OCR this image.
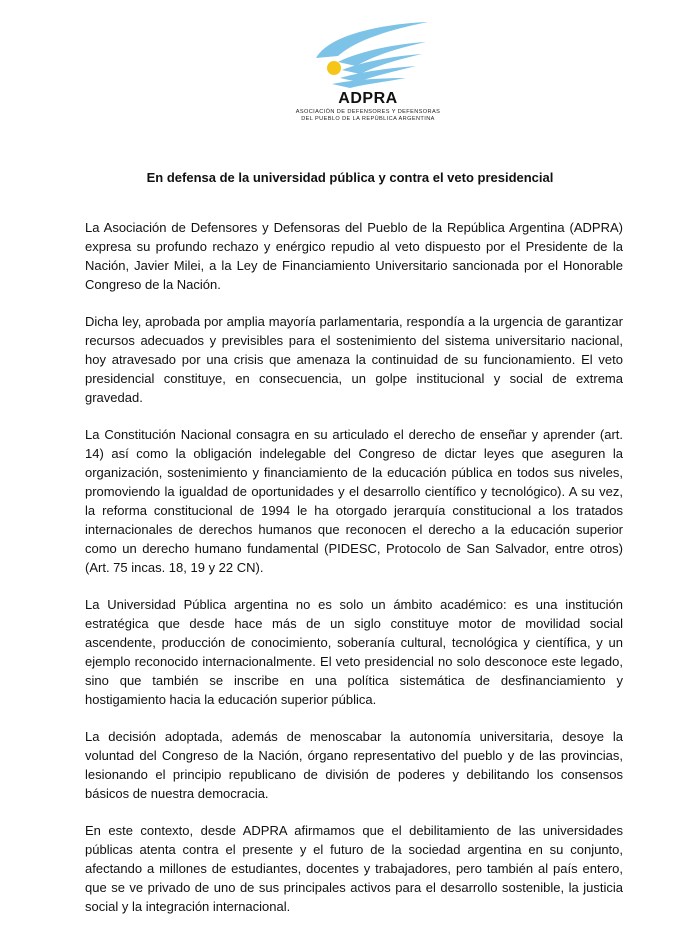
ADPRA
ASOCIACIÓN DE DEFENSORES Y DEFENSORAS
DEL PUEBLO DE LA REPÚBLICA ARGENTINA
En defensa de la universidad pública y contra el veto presidencial

La Asociación de Defensores y Defensoras del Pueblo de la República Argentina (ADPRA) expresa su profundo rechazo y enérgico repudio al veto dispuesto por el Presidente de la Nación, Javier Milei, a la Ley de Financiamiento Universitario sancionada por el Honorable Congreso de la Nación.

Dicha ley, aprobada por amplia mayoría parlamentaria, respondía a la urgencia de garantizar recursos adecuados y previsibles para el sostenimiento del sistema universitario nacional, hoy atravesado por una crisis que amenaza la continuidad de su funcionamiento. El veto presidencial constituye, en consecuencia, un golpe institucional y social de extrema gravedad.

La Constitución Nacional consagra en su articulado el derecho de enseñar y aprender (art. 14) así como la obligación indelegable del Congreso de dictar leyes que aseguren la organización, sostenimiento y financiamiento de la educación pública en todos sus niveles, promoviendo la igualdad de oportunidades y el desarrollo científico y tecnológico). A su vez, la reforma constitucional de 1994 le ha otorgado jerarquía constitucional a los tratados internacionales de derechos humanos que reconocen el derecho a la educación superior como un derecho humano fundamental (PIDESC, Protocolo de San Salvador, entre otros) (Art. 75 incas. 18, 19 y 22 CN).

La Universidad Pública argentina no es solo un ámbito académico: es una institución estratégica que desde hace más de un siglo constituye motor de movilidad social ascendente, producción de conocimiento, soberanía cultural, tecnológica y científica, y un ejemplo reconocido internacionalmente. El veto presidencial no solo desconoce este legado, sino que también se inscribe en una política sistemática de desfinanciamiento y hostigamiento hacia la educación superior pública.

La decisión adoptada, además de menoscabar la autonomía universitaria, desoye la voluntad del Congreso de la Nación, órgano representativo del pueblo y de las provincias, lesionando el principio republicano de división de poderes y debilitando los consensos básicos de nuestra democracia.

En este contexto, desde ADPRA afirmamos que el debilitamiento de las universidades públicas atenta contra el presente y el futuro de la sociedad argentina en su conjunto, afectando a millones de estudiantes, docentes y trabajadores, pero también al país entero, que se ve privado de uno de sus principales activos para el desarrollo sostenible, la justicia social y la integración internacional.
